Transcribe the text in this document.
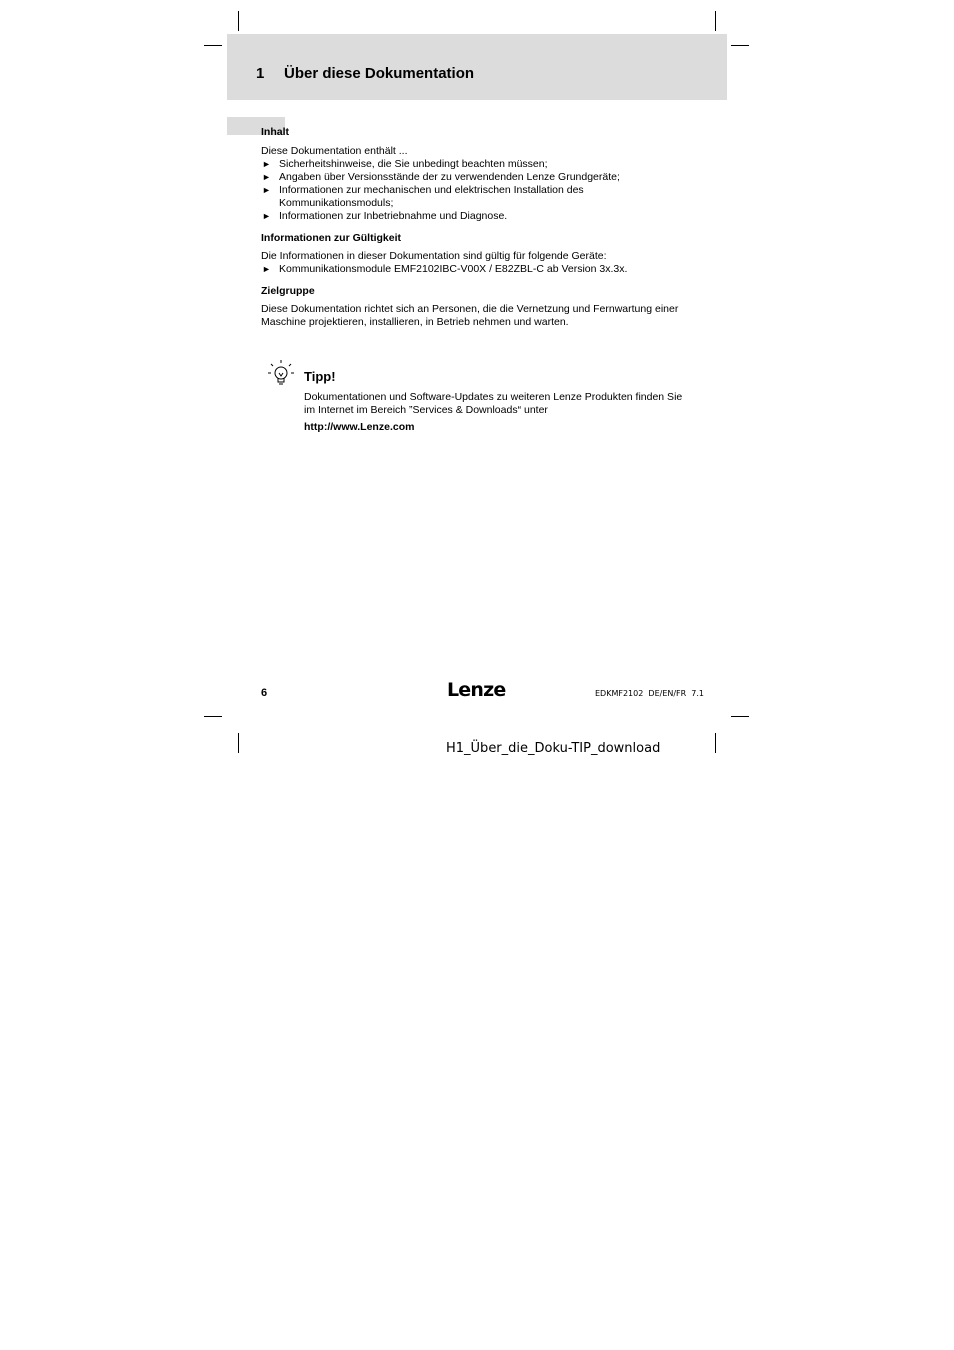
1 Über diese Dokumentation
Inhalt

Diese Dokumentation enthält ...

► Sicherheitshinweise, die Sie unbedingt beachten müssen;
► Angaben über Versionsstände der zu verwendenden Lenze Grundgeräte;
► Informationen zur mechanischen und elektrischen Installation des Kommunikationsmoduls;
► Informationen zur Inbetriebnahme und Diagnose.
Informationen zur Gültigkeit

Die Informationen in dieser Dokumentation sind gültig für folgende Geräte:

► Kommunikationsmodule EMF2102IBC-V00X / E82ZBL-C ab Version 3x.3x.
Zielgruppe

Diese Dokumentation richtet sich an Personen, die die Vernetzung und Fernwartung einer Maschine projektieren, installieren, in Betrieb nehmen und warten.

Tipp!
Dokumentationen und Software-Updates zu weiteren Lenze Produkten finden Sie im Internet im Bereich ”Services & Downloads“ unter
http://www.Lenze.com
6	Lenze	EDKMF2102  DE/EN/FR  7.1
H1_Über_die_Doku-TIP_download
